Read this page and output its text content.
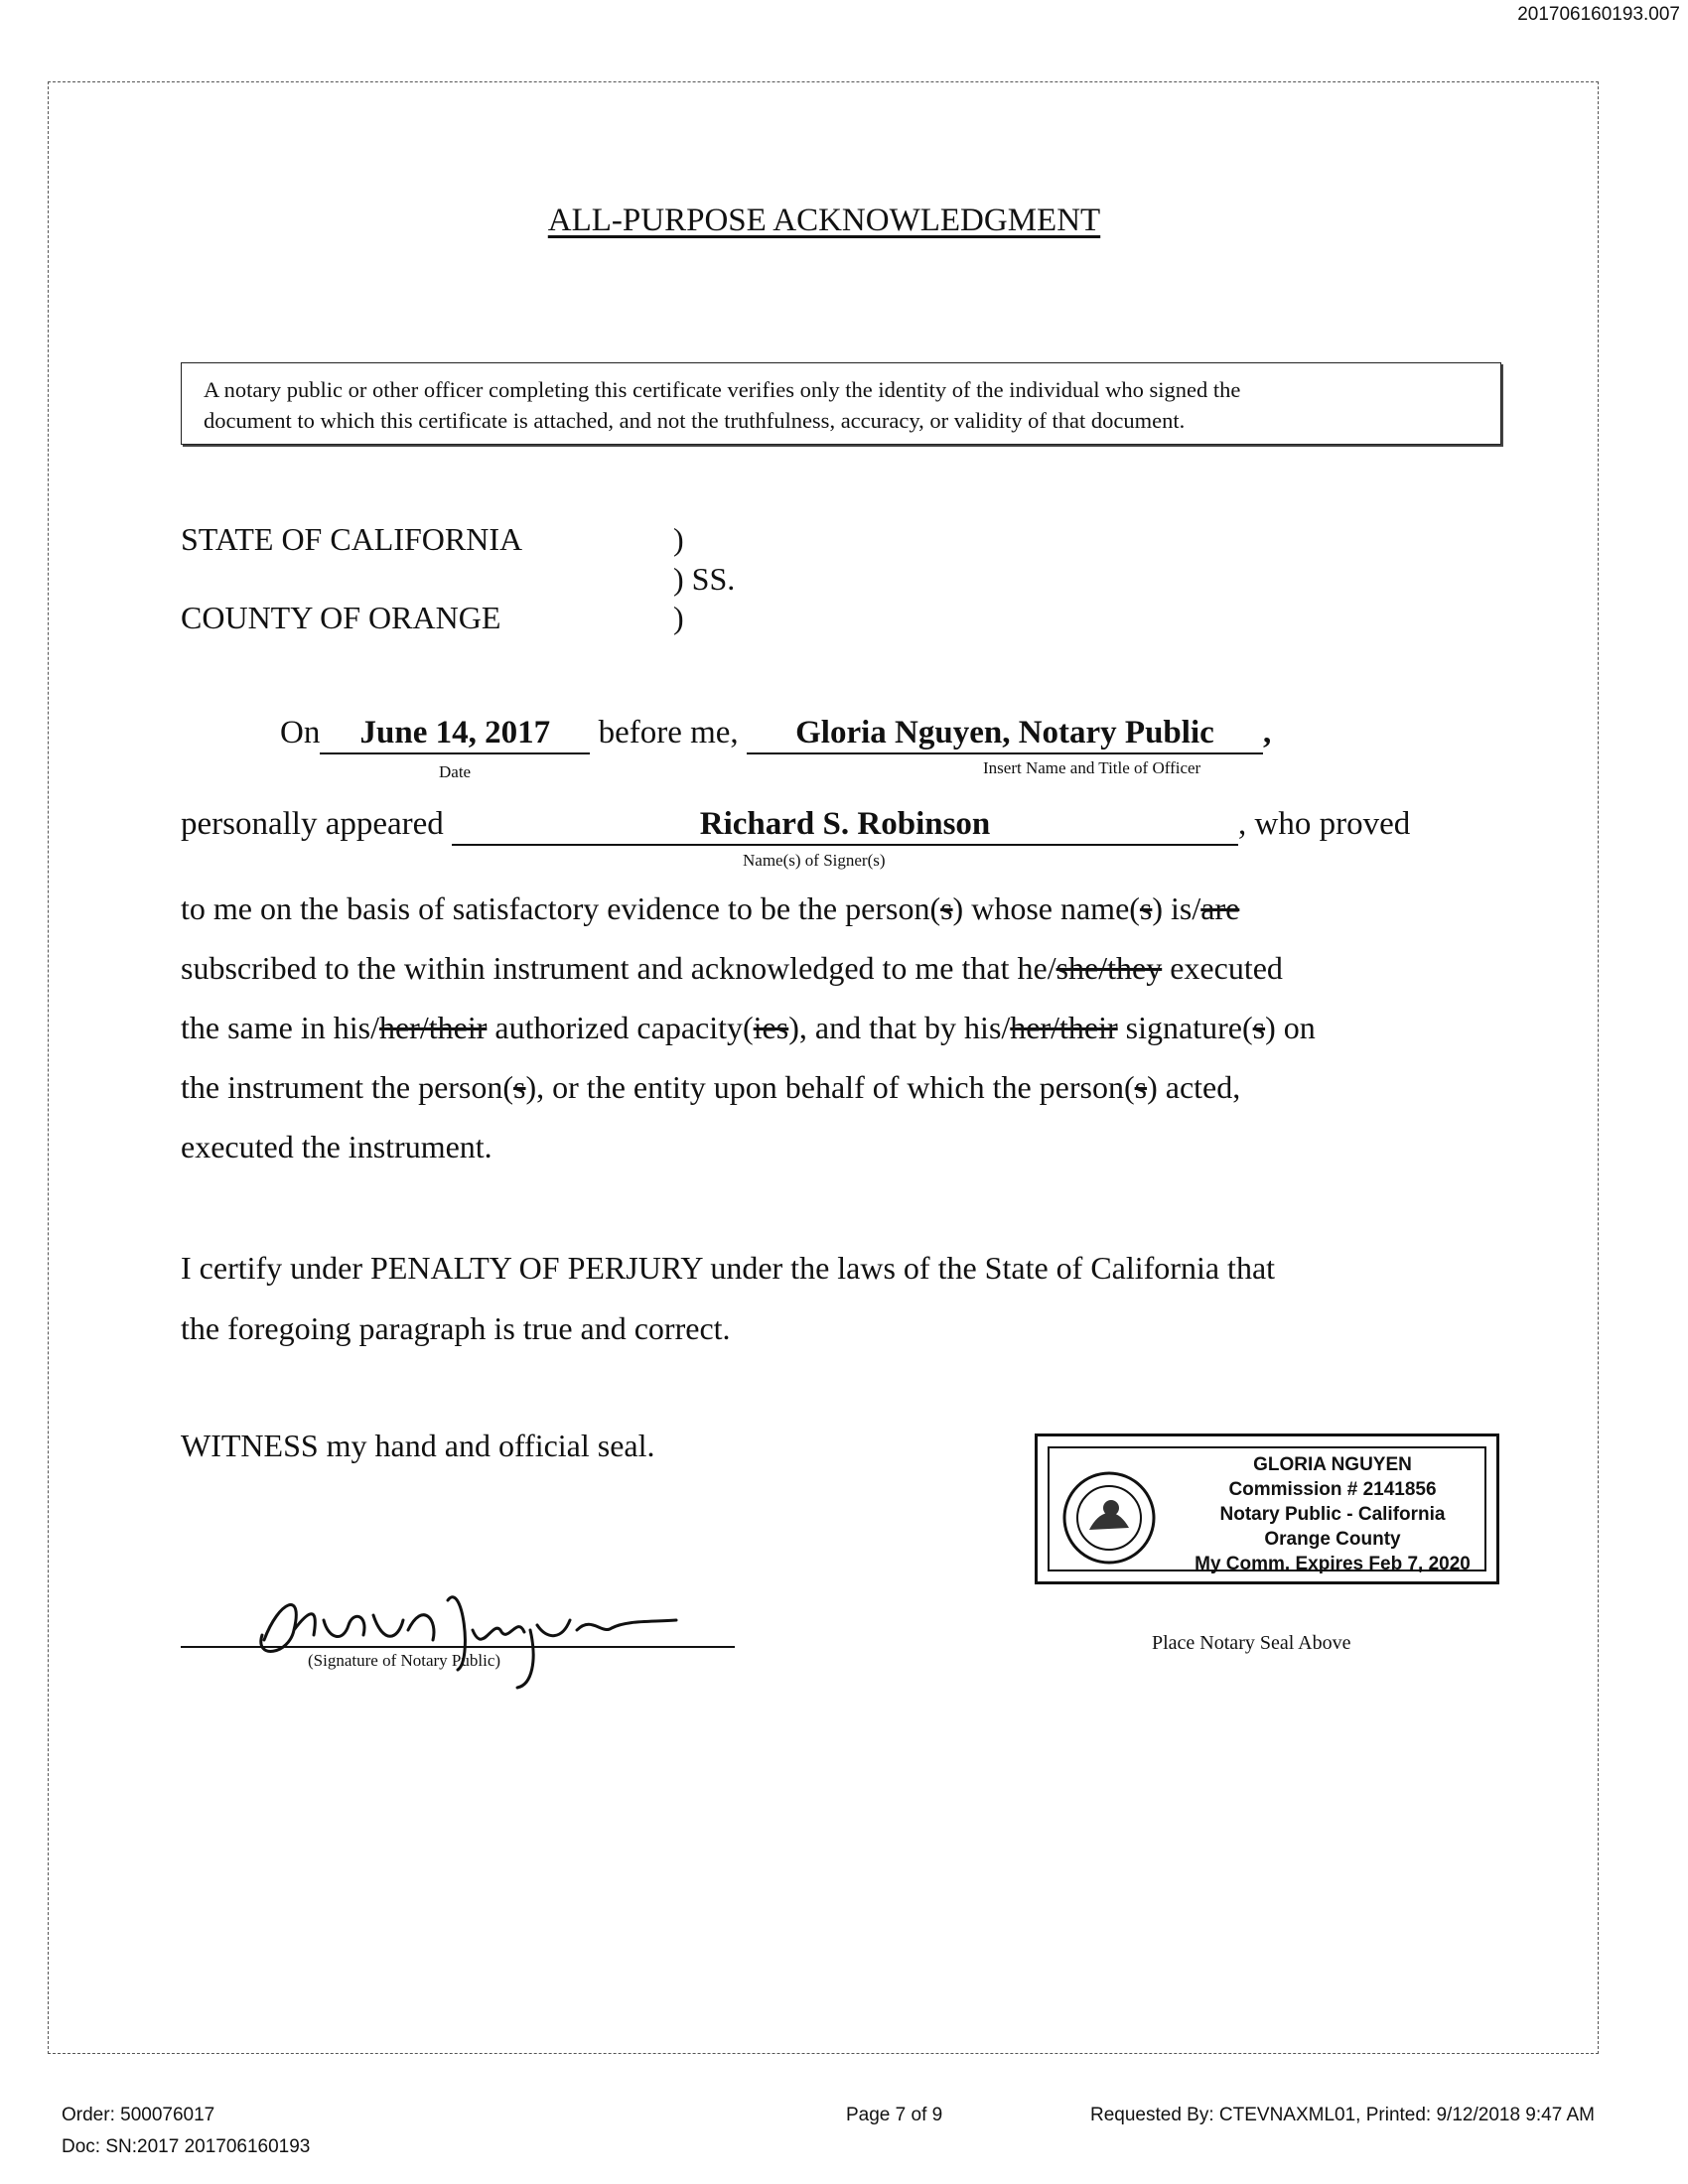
201706160193.007
ALL-PURPOSE ACKNOWLEDGMENT
A notary public or other officer completing this certificate verifies only the identity of the individual who signed the
document to which this certificate is attached, and not the truthfulness, accuracy, or validity of that document.
STATE OF CALIFORNIA
COUNTY OF ORANGE
)
) SS.
)
On June 14, 2017 before me, Gloria Nguyen, Notary Public ,
Date	Insert Name and Title of Officer
personally appeared	Richard S. Robinson	, who proved
Name(s) of Signer(s)
to me on the basis of satisfactory evidence to be the person(s) whose name(s) is/are
subscribed to the within instrument and acknowledged to me that he/she/they executed
the same in his/her/their authorized capacity(ies), and that by his/her/their signature(s) on
the instrument the person(s), or the entity upon behalf of which the person(s) acted,
executed the instrument.
I certify under PENALTY OF PERJURY under the laws of the State of California that
the foregoing paragraph is true and correct.
WITNESS my hand and official seal.
(Signature of Notary Public)
GLORIA NGUYEN
Commission # 2141856
Notary Public - California
Orange County
My Comm. Expires Feb 7, 2020
Place Notary Seal Above
Order: 500076017
Doc: SN:2017 201706160193
Page 7 of 9	Requested By: CTEVNAXML01, Printed: 9/12/2018 9:47 AM
